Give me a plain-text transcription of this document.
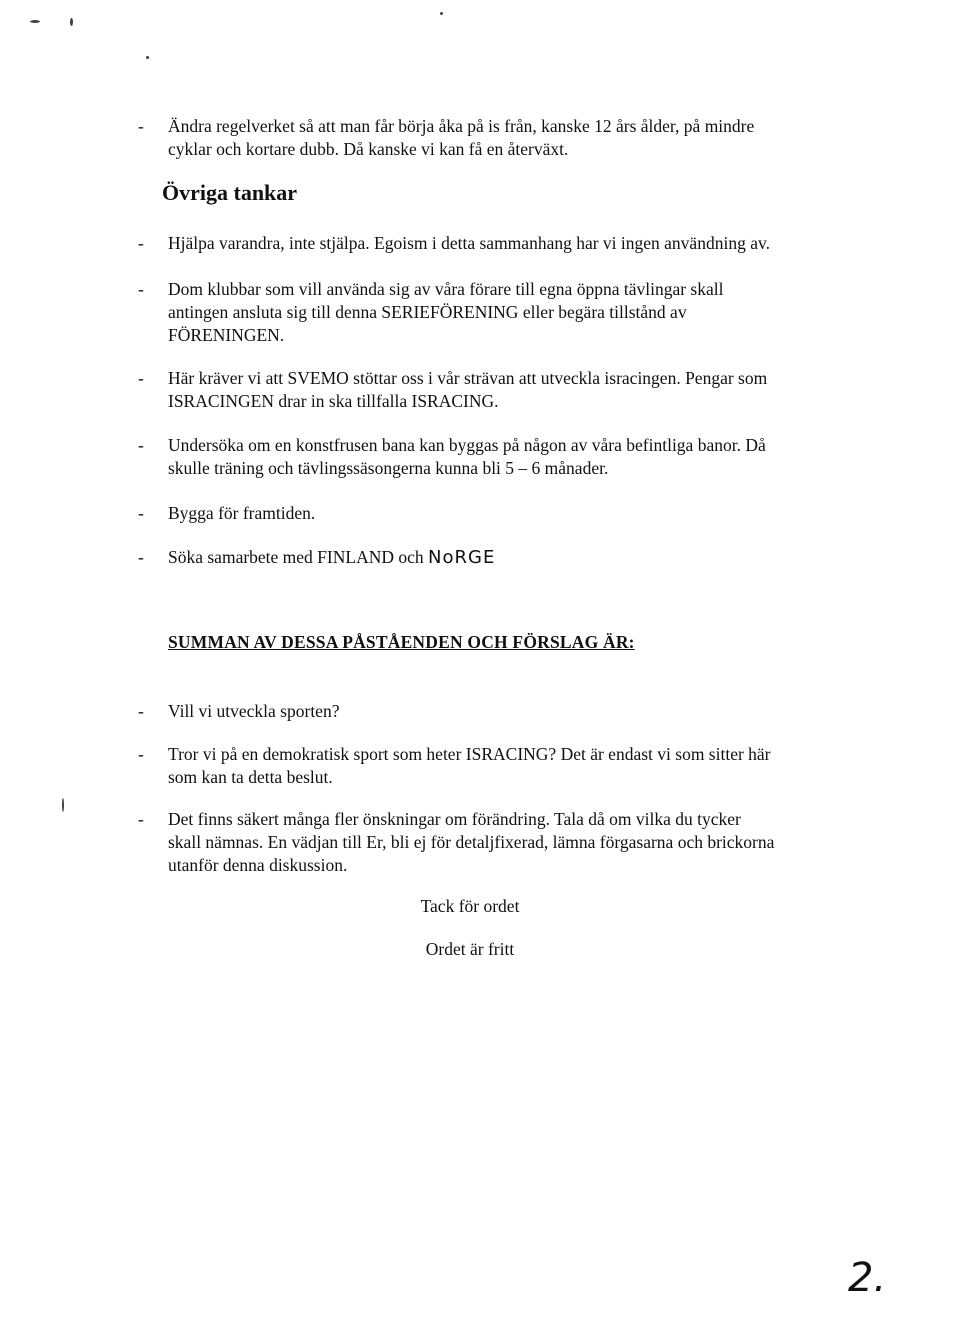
- Ändra regelverket så att man får börja åka på is från, kanske 12 års ålder, på mindre
cyklar och kortare dubb. Då kanske vi kan få en återväxt.
Övriga tankar
- Hjälpa varandra, inte stjälpa. Egoism i detta sammanhang har vi ingen användning av.
- Dom klubbar som vill använda sig av våra förare till egna öppna tävlingar skall
antingen ansluta sig till denna SERIEFÖRENING eller begära tillstånd av
FÖRENINGEN.
- Här kräver vi att SVEMO stöttar oss i vår strävan att utveckla isracingen. Pengar som
ISRACINGEN drar in ska tillfalla ISRACING.
- Undersöka om en konstfrusen bana kan byggas på någon av våra befintliga banor. Då
skulle träning och tävlingssäsongerna kunna bli 5 – 6 månader.
- Bygga för framtiden.
- Söka samarbete med FINLAND och NoRGE
SUMMAN AV DESSA PÅSTÅENDEN OCH FÖRSLAG ÄR:
- Vill vi utveckla sporten?
- Tror vi på en demokratisk sport som heter ISRACING? Det är endast vi som sitter här
som kan ta detta beslut.
- Det finns säkert många fler önskningar om förändring. Tala då om vilka du tycker
skall nämnas. En vädjan till Er, bli ej för detaljfixerad, lämna förgasarna och brickorna
utanför denna diskussion.
Tack för ordet
Ordet är fritt
2.
